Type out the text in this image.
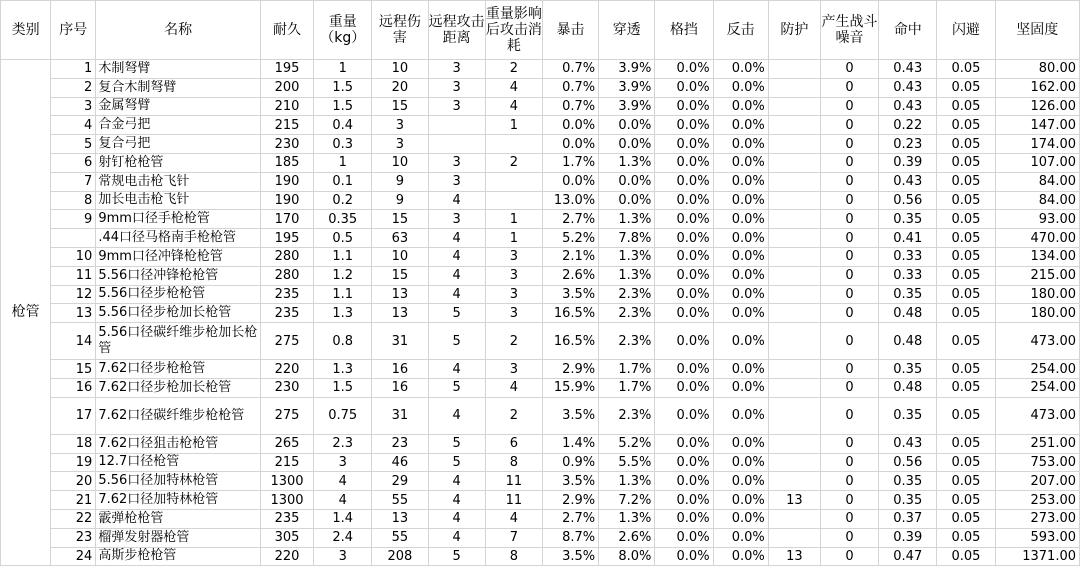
类别	序号	名称	耐久	重量（kg）	远程伤害	远程攻击距离	重量影响后攻击消耗	暴击	穿透	格挡	反击	防护	产生战斗噪音	命中	闪避	坚固度
枪管	1	木制弩臂	195	1	10	3	2	0.7%	3.9%	0.0%	0.0%		0	0.43	0.05	80.00
	2	复合木制弩臂	200	1.5	20	3	4	0.7%	3.9%	0.0%	0.0%		0	0.43	0.05	162.00
	3	金属弩臂	210	1.5	15	3	4	0.7%	3.9%	0.0%	0.0%		0	0.43	0.05	126.00
	4	合金弓把	215	0.4	3		1	0.0%	0.0%	0.0%	0.0%		0	0.22	0.05	147.00
	5	复合弓把	230	0.3	3			0.0%	0.0%	0.0%	0.0%		0	0.23	0.05	174.00
	6	射钉枪枪管	185	1	10	3	2	1.7%	1.3%	0.0%	0.0%		0	0.39	0.05	107.00
	7	常规电击枪飞针	190	0.1	9	3		0.0%	0.0%	0.0%	0.0%		0	0.43	0.05	84.00
	8	加长电击枪飞针	190	0.2	9	4		13.0%	0.0%	0.0%	0.0%		0	0.56	0.05	84.00
	9	9mm口径手枪枪管	170	0.35	15	3	1	2.7%	1.3%	0.0%	0.0%		0	0.35	0.05	93.00
		.44口径马格南手枪枪管	195	0.5	63	4	1	5.2%	7.8%	0.0%	0.0%		0	0.41	0.05	470.00
	10	9mm口径冲锋枪枪管	280	1.1	10	4	3	2.1%	1.3%	0.0%	0.0%		0	0.33	0.05	134.00
	11	5.56口径冲锋枪枪管	280	1.2	15	4	3	2.6%	1.3%	0.0%	0.0%		0	0.33	0.05	215.00
	12	5.56口径步枪枪管	235	1.1	13	4	3	3.5%	2.3%	0.0%	0.0%		0	0.35	0.05	180.00
	13	5.56口径步枪加长枪管	235	1.3	13	5	3	16.5%	2.3%	0.0%	0.0%		0	0.48	0.05	180.00
	14	5.56口径碳纤维步枪加长枪管	275	0.8	31	5	2	16.5%	2.3%	0.0%	0.0%		0	0.48	0.05	473.00
	15	7.62口径步枪枪管	220	1.3	16	4	3	2.9%	1.7%	0.0%	0.0%		0	0.35	0.05	254.00
	16	7.62口径步枪加长枪管	230	1.5	16	5	4	15.9%	1.7%	0.0%	0.0%		0	0.48	0.05	254.00
	17	7.62口径碳纤维步枪枪管	275	0.75	31	4	2	3.5%	2.3%	0.0%	0.0%		0	0.35	0.05	473.00
	18	7.62口径狙击枪枪管	265	2.3	23	5	6	1.4%	5.2%	0.0%	0.0%		0	0.43	0.05	251.00
	19	12.7口径枪管	215	3	46	5	8	0.9%	5.5%	0.0%	0.0%		0	0.56	0.05	753.00
	20	5.56口径加特林枪管	1300	4	29	4	11	3.5%	1.3%	0.0%	0.0%		0	0.35	0.05	207.00
	21	7.62口径加特林枪管	1300	4	55	4	11	2.9%	7.2%	0.0%	0.0%	13	0	0.35	0.05	253.00
	22	霰弹枪枪管	235	1.4	13	4	4	2.7%	1.3%	0.0%	0.0%		0	0.37	0.05	273.00
	23	榴弹发射器枪管	305	2.4	55	4	7	8.7%	2.6%	0.0%	0.0%		0	0.39	0.05	593.00
	24	高斯步枪枪管	220	3	208	5	8	3.5%	8.0%	0.0%	0.0%	13	0	0.47	0.05	1371.00
